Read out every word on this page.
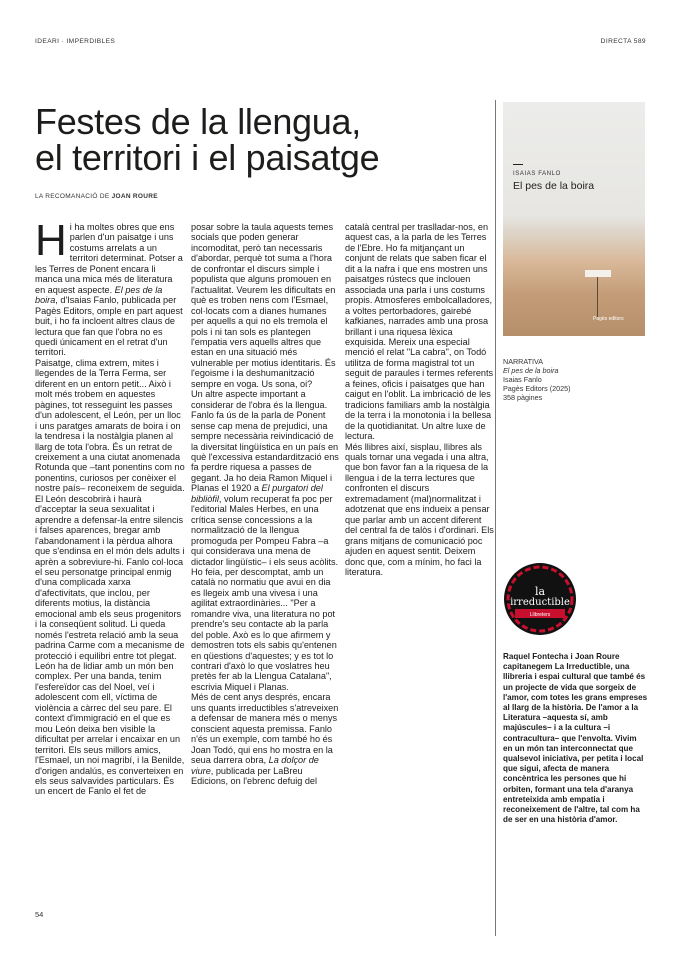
IDEARI · IMPERDIBLES	DIRECTA 589
Festes de la llengua,
el territori i el paisatge
LA RECOMANACIÓ DE JOAN ROURE

Hi ha moltes obres que ens parlen d'un paisatge i uns costums arrelats a un territori determinat. Potser a les Terres de Ponent encara li manca una mica més de literatura en aquest aspecte. El pes de la boira, d'Isaias Fanlo, publicada per Pagès Editors, omple en part aquest buit, i ho fa incloent altres claus de lectura que fan que l'obra no es quedi únicament en el retrat d'un territori.

Paisatge, clima extrem, mites i llegendes de la Terra Ferma, ser diferent en un entorn petit... Això i molt més trobem en aquestes pàgines, tot resseguint les passes d'un adolescent, el León, per un lloc i uns paratges amarats de boira i on la tendresa i la nostàlgia planen al llarg de tota l'obra. És un retrat de creixement a una ciutat anomenada Rotunda que –tant ponentins com no ponentins, curiosos per conèixer el nostre país– reconeixem de seguida. El León descobrirà i haurà d'acceptar la seua sexualitat i aprendre a defensar-la entre silencis i falses aparences, bregar amb l'abandonament i la pèrdua alhora que s'endinsa en el món dels adults i aprèn a sobreviure-hi. Fanlo col·loca el seu personatge principal enmig d'una complicada xarxa d'afectivitats, que inclou, per diferents motius, la distància emocional amb els seus progenitors i la conseqüent solitud. Li queda només l'estreta relació amb la seua padrina Carme com a mecanisme de protecció i equilibri entre tot plegat. León ha de lidiar amb un món ben complex. Per una banda, tenim l'esfereïdor cas del Noel, veí i adolescent com ell, víctima de violència a càrrec del seu pare. El context d'immigració en el que es mou León deixa ben visible la dificultat per arrelar i encaixar en un territori. Els seus millors amics, l'Esmael, un noi magribí, i la Benilde, d'origen andalús, es converteixen en els seus salvavides particulars. És un encert de Fanlo el fet de

posar sobre la taula aquests temes socials que poden generar incomoditat, però tan necessaris d'abordar, perquè tot suma a l'hora de confrontar el discurs simple i populista que alguns promouen en l'actualitat. Veurem les dificultats en què es troben nens com l'Esmael, col·locats com a dianes humanes per aquells a qui no els tremola el pols i ni tan sols es plantegen l'empatia vers aquells altres que estan en una situació més vulnerable per motius identitaris. És l'egoisme i la deshumanització sempre en voga. Us sona, oi?

Un altre aspecte important a considerar de l'obra és la llengua. Fanlo fa ús de la parla de Ponent sense cap mena de prejudici, una sempre necessària reivindicació de la diversitat lingüística en un país en què l'excessiva estandardització ens fa perdre riquesa a passes de gegant. Ja ho deia Ramon Miquel i Planas el 1920 a El purgatori del bibliòfil, volum recuperat fa poc per l'editorial Males Herbes, en una crítica sense concessions a la normalització de la llengua promoguda per Pompeu Fabra –a qui considerava una mena de dictador lingüístic– i els seus acòlits. Ho feia, per descomptat, amb un català no normatiu que avui en dia es llegeix amb una vivesa i una agilitat extraordinàries... "Per a romandre viva, una literatura no pot prendre's seu contacte ab la parla del poble. Axò es lo que afirmem y demostren tots els sabis qu'entenen en qüestions d'aquestes; y es tot lo contrari d'axò lo que voslatres heu pretès fer ab la Llengua Catalana", escrivia Miquel i Planas.

Més de cent anys després, encara uns quants irreductibles s'atreveixen a defensar de manera més o menys conscient aquesta premissa. Fanlo n'és un exemple, com també ho és Joan Todó, qui ens ho mostra en la seua darrera obra, La dolçor de viure, publicada per LaBreu Edicions, on l'ebrenc defuig del

català central per traslladar-nos, en aquest cas, a la parla de les Terres de l'Ebre. Ho fa mitjançant un conjunt de relats que saben ficar el dit a la nafra i que ens mostren uns paisatges rústecs que inclouen associada una parla i uns costums propis. Atmosferes embolcalladores, a voltes pertorbadores, gairebé kafkianes, narrades amb una prosa brillant i una riquesa lèxica exquisida. Mereix una especial menció el relat "La cabra", on Todó utilitza de forma magistral tot un seguit de paraules i termes referents a feines, oficis i paisatges que han caigut en l'oblit. La imbricació de les tradicions familiars amb la nostàlgia de la terra i la monotonia i la bellesa de la quotidianitat. Un altre luxe de lectura.

Més llibres així, sisplau, llibres als quals tornar una vegada i una altra, que bon favor fan a la riquesa de la llengua i de la terra lectures que confronten el discurs extremadament (mal)normalitzat i adotzenat que ens indueix a pensar que parlar amb un accent diferent del central fa de talòs i d'ordinari. Els grans mitjans de comunicació poc ajuden en aquest sentit. Deixem donc que, com a mínim, ho faci la literatura.

ISAIAS FANLO
El pes de la boira
Pagès editors
NARRATIVA
El pes de la boira
Isaias Fanlo
Pagès Editors (2025)
358 pàgines
la
irreductible
Llibreters
Raquel Fontecha i Joan Roure capitanegem La Irreductible, una llibreria i espai cultural que també és un projecte de vida que sorgeix de l'amor, com totes les grans empreses al llarg de la història. De l'amor a la Literatura –aquesta sí, amb majúscules– i a la cultura –i contracultura– que l'envolta. Vivim en un món tan interconnectat que qualsevol iniciativa, per petita i local que sigui, afecta de manera concèntrica les persones que hi orbiten, formant una tela d'aranya entreteixida amb empatia i reconeixement de l'altre, tal com ha de ser en una història d'amor.
54
